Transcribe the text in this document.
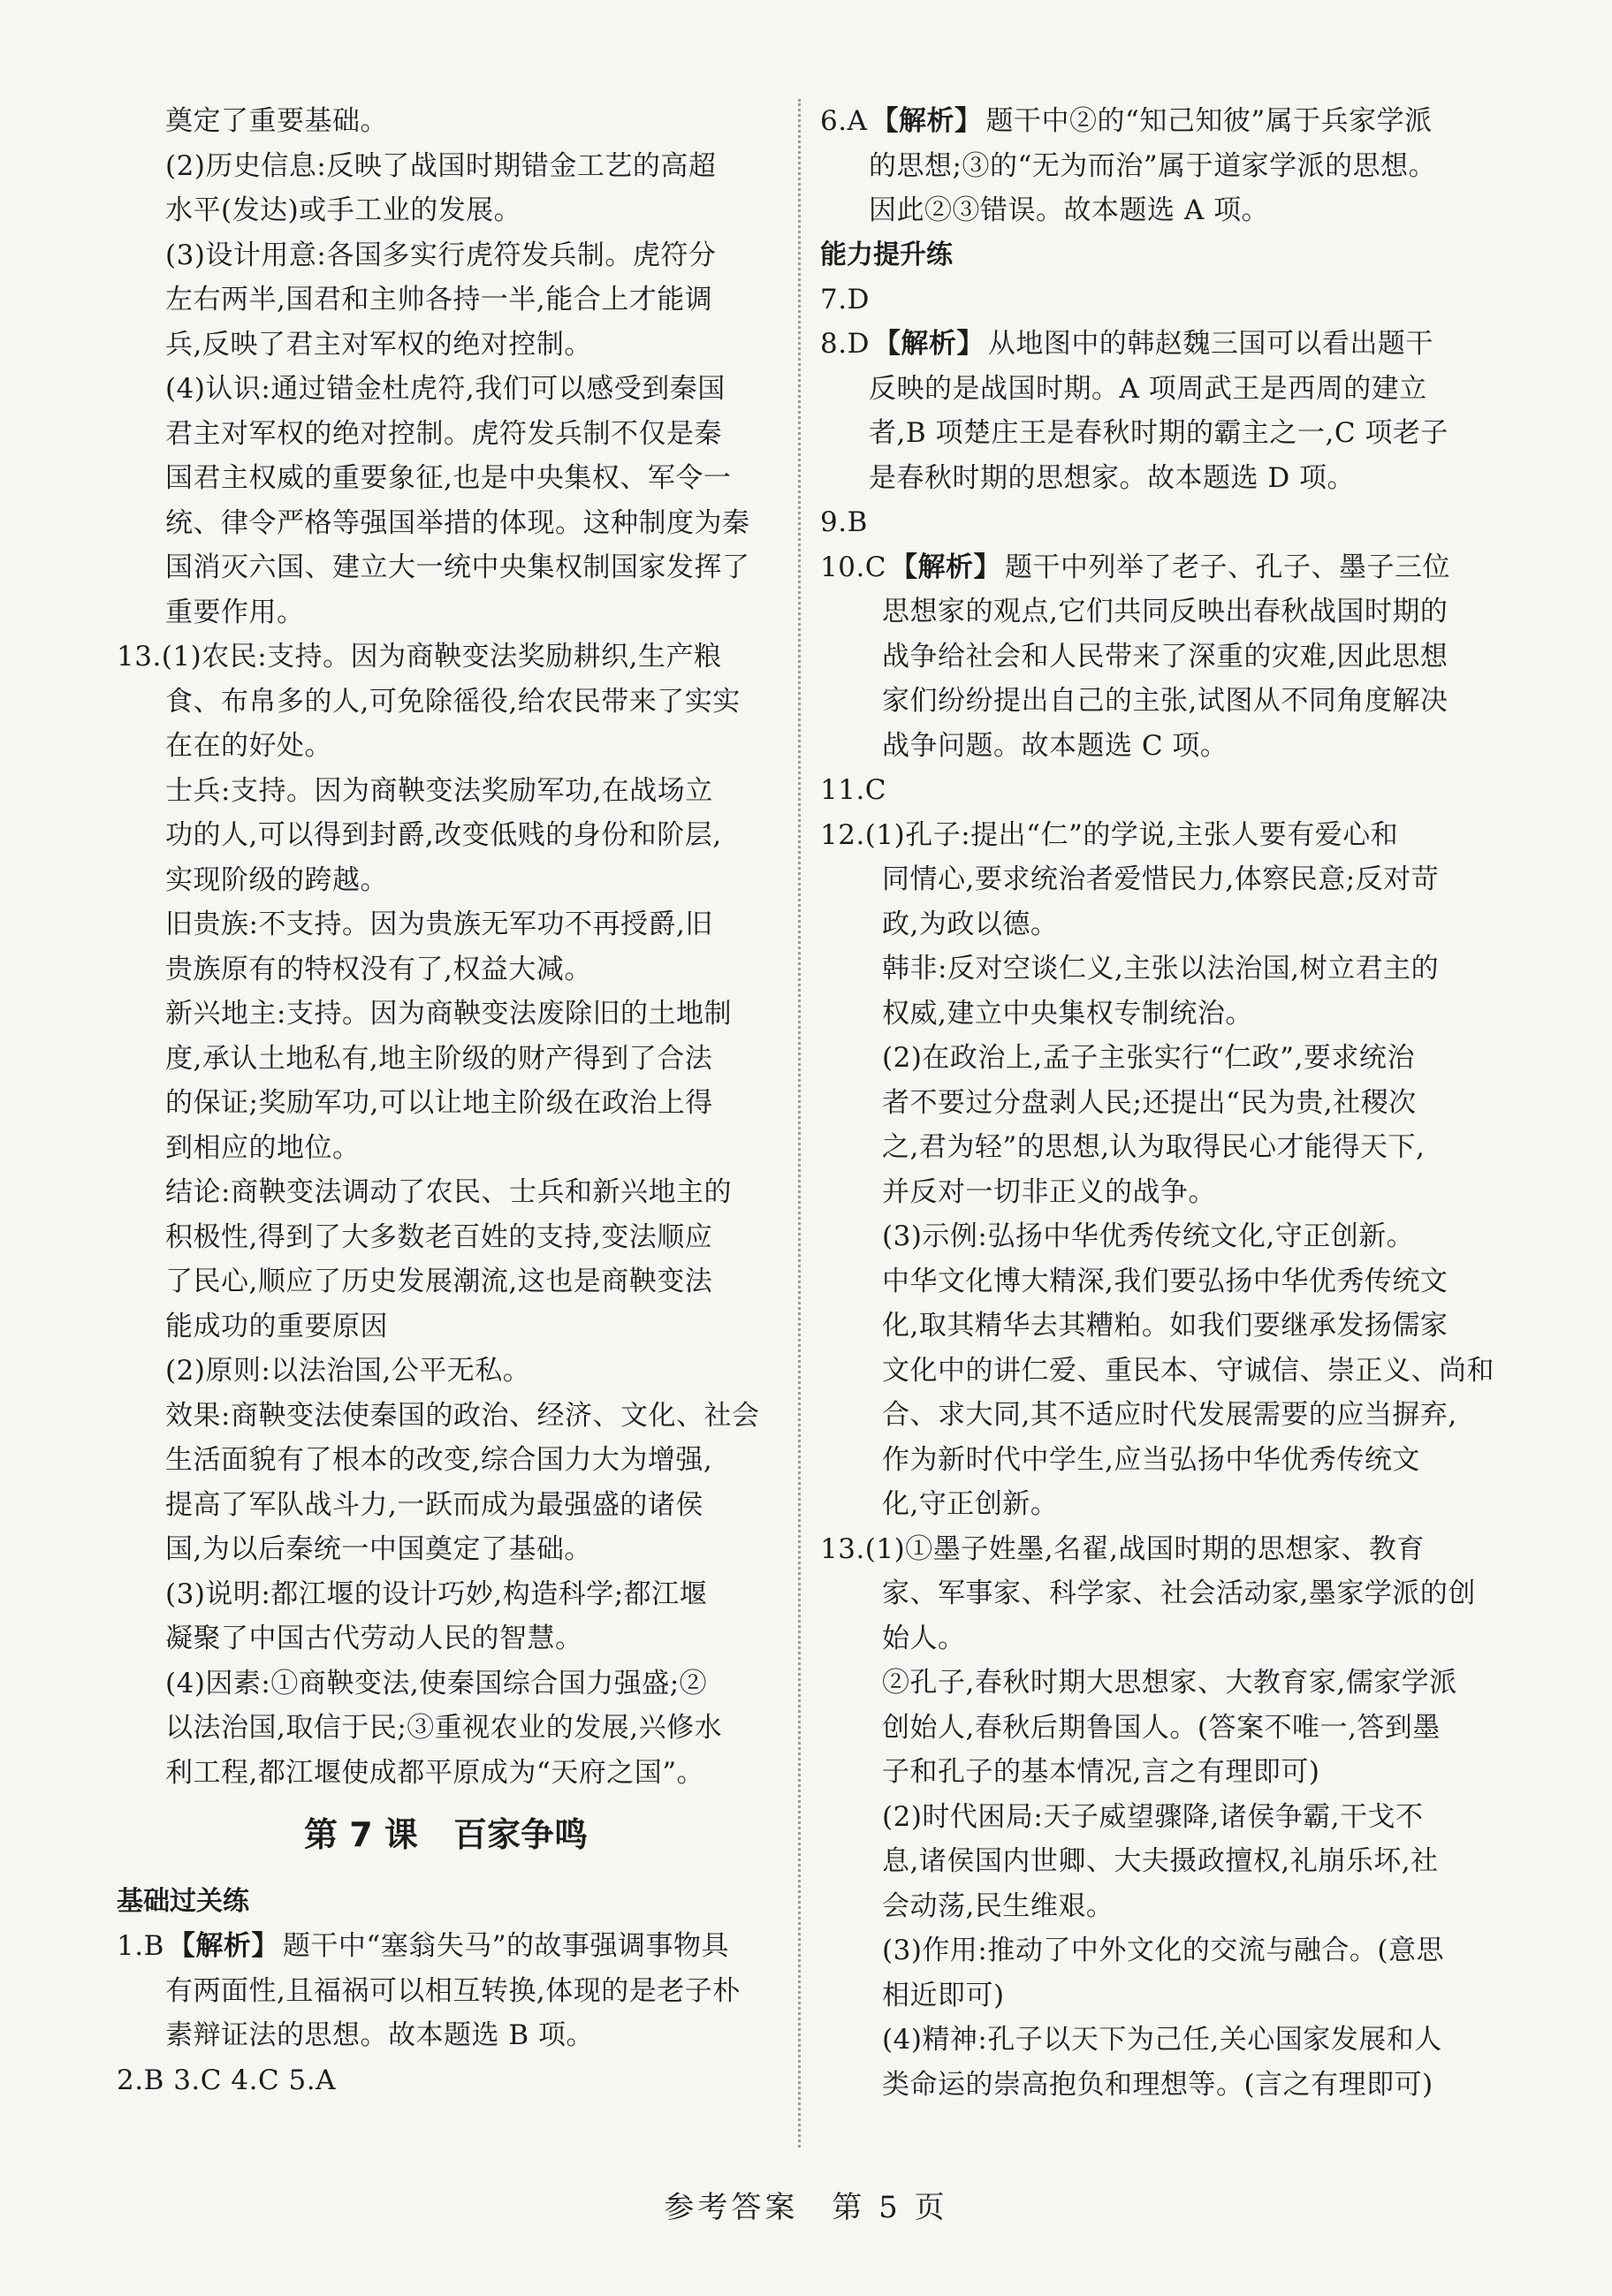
奠定了重要基础。
(2)历史信息:反映了战国时期错金工艺的高超
水平(发达)或手工业的发展。
(3)设计用意:各国多实行虎符发兵制。虎符分
左右两半,国君和主帅各持一半,能合上才能调
兵,反映了君主对军权的绝对控制。
(4)认识:通过错金杜虎符,我们可以感受到秦国
君主对军权的绝对控制。虎符发兵制不仅是秦
国君主权威的重要象征,也是中央集权、军令一
统、律令严格等强国举措的体现。这种制度为秦
国消灭六国、建立大一统中央集权制国家发挥了
重要作用。
13.(1)农民:支持。因为商鞅变法奖励耕织,生产粮
食、布帛多的人,可免除徭役,给农民带来了实实
在在的好处。
士兵:支持。因为商鞅变法奖励军功,在战场立
功的人,可以得到封爵,改变低贱的身份和阶层,
实现阶级的跨越。
旧贵族:不支持。因为贵族无军功不再授爵,旧
贵族原有的特权没有了,权益大减。
新兴地主:支持。因为商鞅变法废除旧的土地制
度,承认土地私有,地主阶级的财产得到了合法
的保证;奖励军功,可以让地主阶级在政治上得
到相应的地位。
结论:商鞅变法调动了农民、士兵和新兴地主的
积极性,得到了大多数老百姓的支持,变法顺应
了民心,顺应了历史发展潮流,这也是商鞅变法
能成功的重要原因
(2)原则:以法治国,公平无私。
效果:商鞅变法使秦国的政治、经济、文化、社会
生活面貌有了根本的改变,综合国力大为增强,
提高了军队战斗力,一跃而成为最强盛的诸侯
国,为以后秦统一中国奠定了基础。
(3)说明:都江堰的设计巧妙,构造科学;都江堰
凝聚了中国古代劳动人民的智慧。
(4)因素:①商鞅变法,使秦国综合国力强盛;②
以法治国,取信于民;③重视农业的发展,兴修水
利工程,都江堰使成都平原成为“天府之国”。
第 7 课 百家争鸣
基础过关练
1.B 【解析】 题干中“塞翁失马”的故事强调事物具
有两面性,且福祸可以相互转换,体现的是老子朴
素辩证法的思想。故本题选 B 项。
2.B 3.C 4.C 5.A
6.A 【解析】 题干中②的“知己知彼”属于兵家学派
的思想;③的“无为而治”属于道家学派的思想。
因此②③错误。故本题选 A 项。
能力提升练
7.D
8.D 【解析】 从地图中的韩赵魏三国可以看出题干
反映的是战国时期。A 项周武王是西周的建立
者,B 项楚庄王是春秋时期的霸主之一,C 项老子
是春秋时期的思想家。故本题选 D 项。
9.B
10.C 【解析】 题干中列举了老子、孔子、墨子三位
思想家的观点,它们共同反映出春秋战国时期的
战争给社会和人民带来了深重的灾难,因此思想
家们纷纷提出自己的主张,试图从不同角度解决
战争问题。故本题选 C 项。
11.C
12.(1)孔子:提出“仁”的学说,主张人要有爱心和
同情心,要求统治者爱惜民力,体察民意;反对苛
政,为政以德。
韩非:反对空谈仁义,主张以法治国,树立君主的
权威,建立中央集权专制统治。
(2)在政治上,孟子主张实行“仁政”,要求统治
者不要过分盘剥人民;还提出“民为贵,社稷次
之,君为轻”的思想,认为取得民心才能得天下,
并反对一切非正义的战争。
(3)示例:弘扬中华优秀传统文化,守正创新。
中华文化博大精深,我们要弘扬中华优秀传统文
化,取其精华去其糟粕。如我们要继承发扬儒家
文化中的讲仁爱、重民本、守诚信、崇正义、尚和
合、求大同,其不适应时代发展需要的应当摒弃,
作为新时代中学生,应当弘扬中华优秀传统文
化,守正创新。
13.(1)①墨子姓墨,名翟,战国时期的思想家、教育
家、军事家、科学家、社会活动家,墨家学派的创
始人。
②孔子,春秋时期大思想家、大教育家,儒家学派
创始人,春秋后期鲁国人。(答案不唯一,答到墨
子和孔子的基本情况,言之有理即可)
(2)时代困局:天子威望骤降,诸侯争霸,干戈不
息,诸侯国内世卿、大夫摄政擅权,礼崩乐坏,社
会动荡,民生维艰。
(3)作用:推动了中外文化的交流与融合。(意思
相近即可)
(4)精神:孔子以天下为己任,关心国家发展和人
类命运的崇高抱负和理想等。(言之有理即可)
参考答案　第 5 页
